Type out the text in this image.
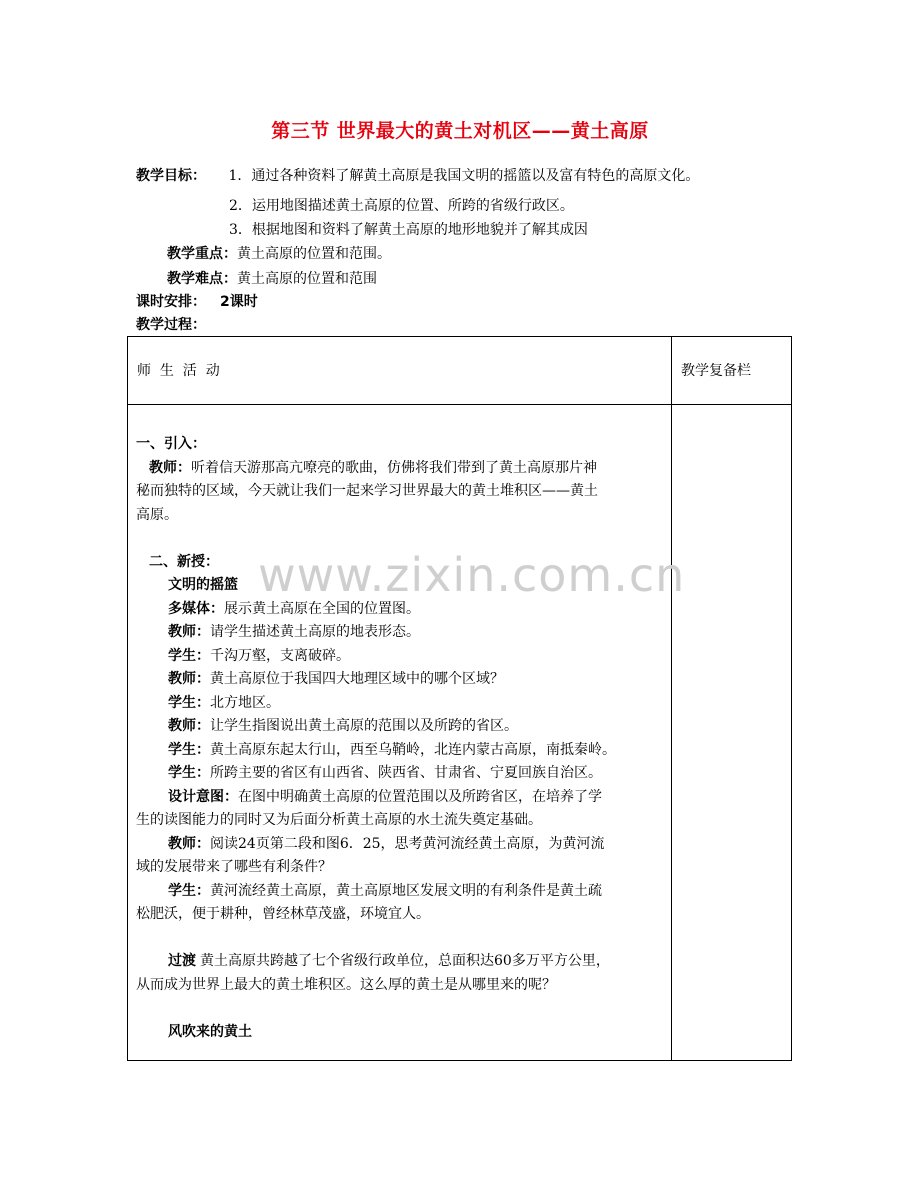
第三节 世界最大的黄土对机区——黄土高原
教学目标： 1．通过各种资料了解黄土高原是我国文明的摇篮以及富有特色的高原文化。
2．运用地图描述黄土高原的位置、所跨的省级行政区。
3．根据地图和资料了解黄土高原的地形地貌并了解其成因
教学重点：黄土高原的位置和范围。
教学难点：黄土高原的位置和范围
课时安排： 2课时
教学过程：
师  生  活  动	教学复备栏

一、引入：

教师：听着信天游那高亢嘹亮的歌曲，仿佛将我们带到了黄土高原那片神

秘而独特的区域，今天就让我们一起来学习世界最大的黄土堆积区——黄土

高原。

二、新授：

文明的摇篮

多媒体：展示黄土高原在全国的位置图。

教师：请学生描述黄土高原的地表形态。

学生：千沟万壑，支离破碎。

教师：黄土高原位于我国四大地理区域中的哪个区域？

学生：北方地区。

教师：让学生指图说出黄土高原的范围以及所跨的省区。

学生：黄土高原东起太行山，西至乌鞘岭，北连内蒙古高原，南抵秦岭。

学生：所跨主要的省区有山西省、陕西省、甘肃省、宁夏回族自治区。

设计意图：在图中明确黄土高原的位置范围以及所跨省区，在培养了学

生的读图能力的同时又为后面分析黄土高原的水土流失奠定基础。

教师：阅读24页第二段和图6．25，思考黄河流经黄土高原，为黄河流

域的发展带来了哪些有利条件？

学生：黄河流经黄土高原，黄土高原地区发展文明的有利条件是黄土疏

松肥沃，便于耕种，曾经林草茂盛，环境宜人。

过渡 黄土高原共跨越了七个省级行政单位，总面积达60多万平方公里，

从而成为世界上最大的黄土堆积区。这么厚的黄土是从哪里来的呢？

风吹来的黄土

www.zixin.com.cn
